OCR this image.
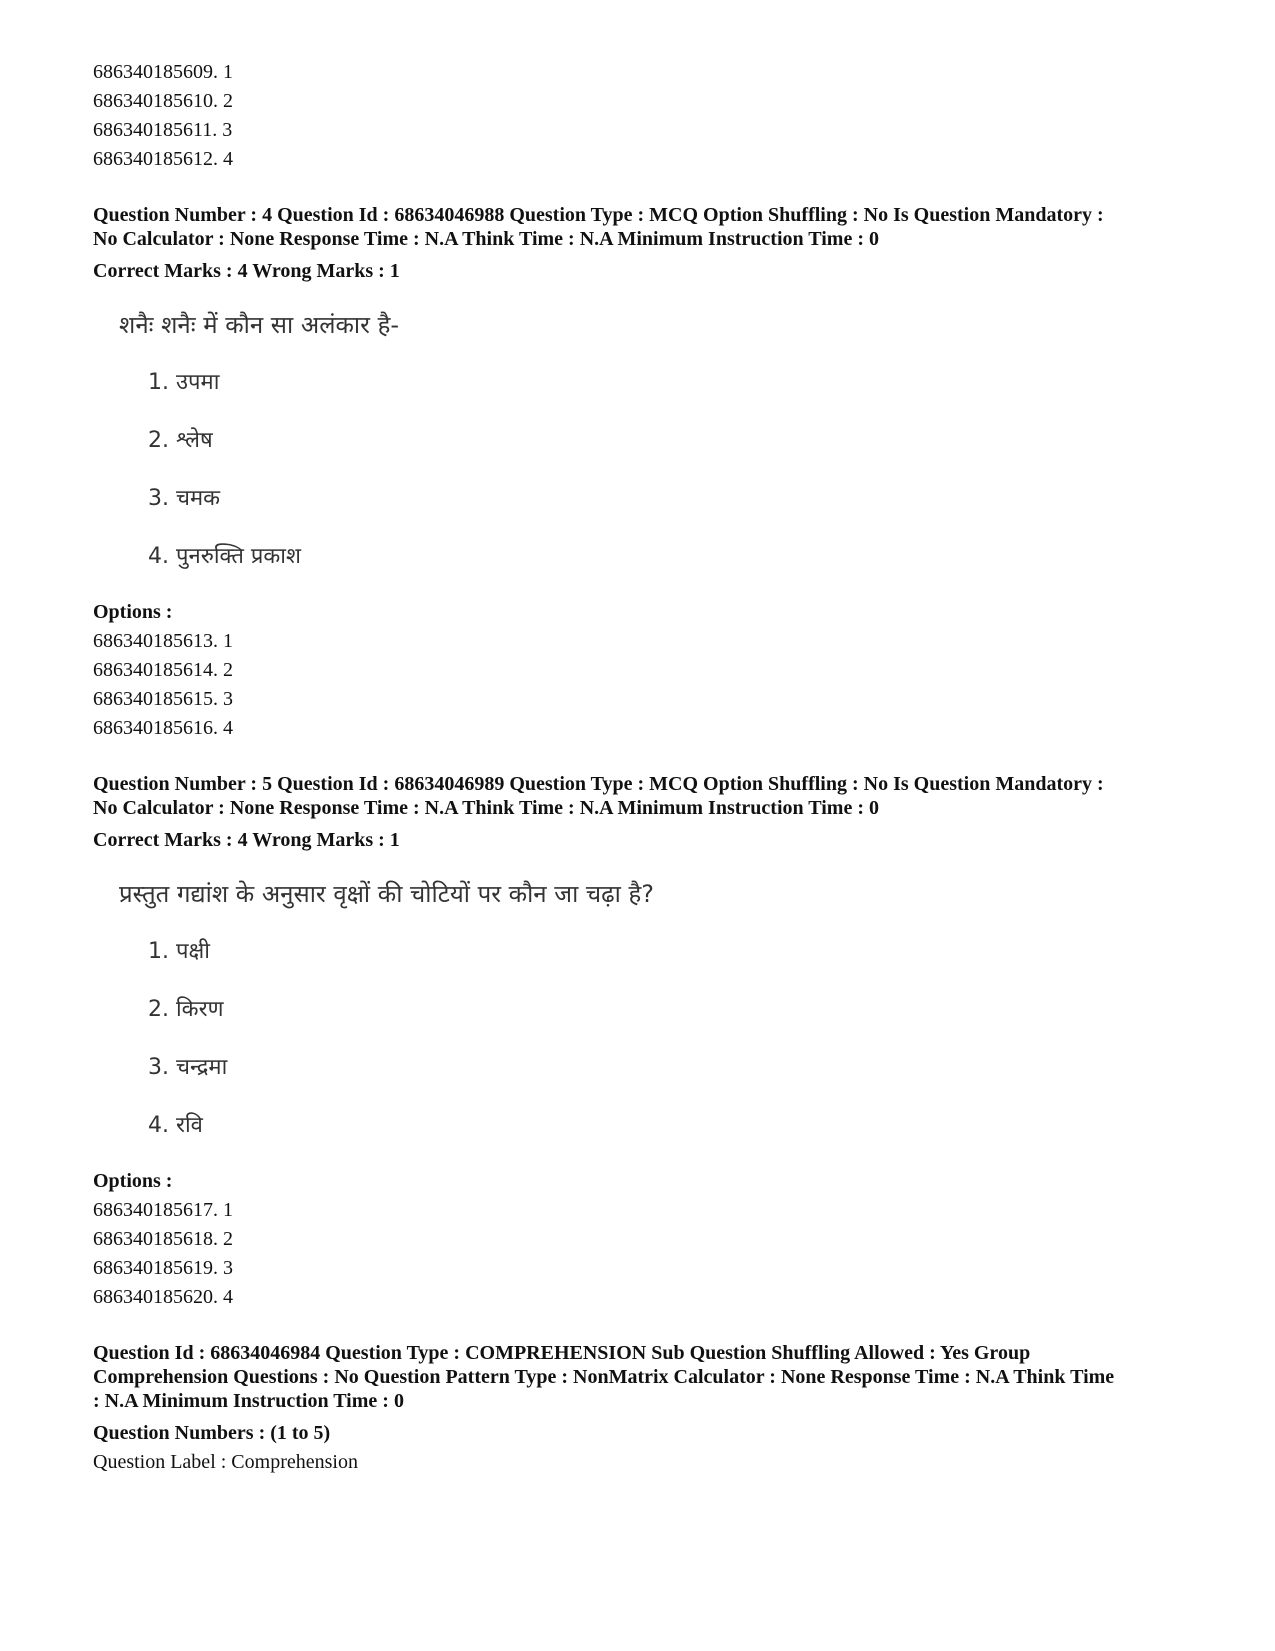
686340185609. 1
686340185610. 2
686340185611. 3
686340185612. 4
Question Number : 4 Question Id : 68634046988 Question Type : MCQ Option Shuffling : No Is Question Mandatory :
No Calculator : None Response Time : N.A Think Time : N.A Minimum Instruction Time : 0
Correct Marks : 4 Wrong Marks : 1
शनैः शनैः में कौन सा अलंकार है-
1. उपमा
2. श्लेष
3. चमक
4. पुनरुक्ति प्रकाश
Options :
686340185613. 1
686340185614. 2
686340185615. 3
686340185616. 4
Question Number : 5 Question Id : 68634046989 Question Type : MCQ Option Shuffling : No Is Question Mandatory :
No Calculator : None Response Time : N.A Think Time : N.A Minimum Instruction Time : 0
Correct Marks : 4 Wrong Marks : 1
प्रस्तुत गद्यांश के अनुसार वृक्षों की चोटियों पर कौन जा चढ़ा है?
1. पक्षी
2. किरण
3. चन्द्रमा
4. रवि
Options :
686340185617. 1
686340185618. 2
686340185619. 3
686340185620. 4
Question Id : 68634046984 Question Type : COMPREHENSION Sub Question Shuffling Allowed : Yes Group
Comprehension Questions : No Question Pattern Type : NonMatrix Calculator : None Response Time : N.A Think Time
: N.A Minimum Instruction Time : 0
Question Numbers : (1 to 5)
Question Label : Comprehension
